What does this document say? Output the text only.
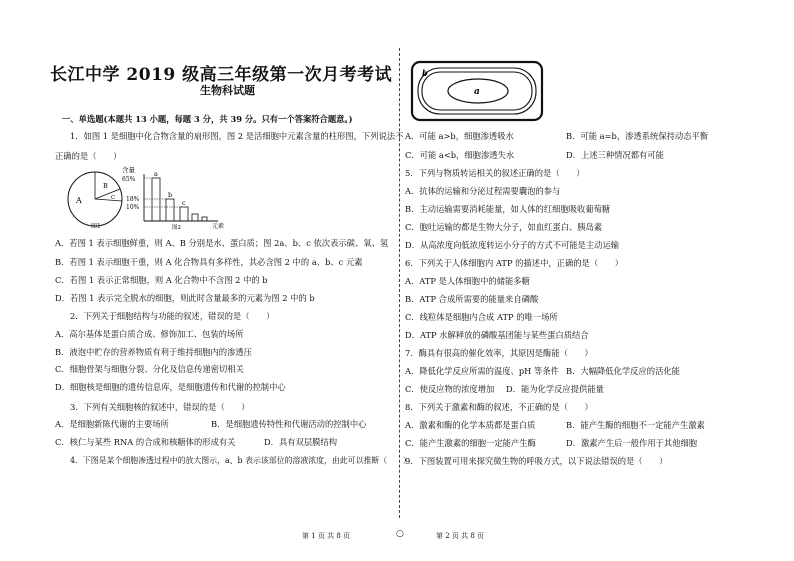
长江中学 2019 级高三年级第一次月考考试
生物科试题
一、单选题(本题共 13 小题，每题 3 分，共 39 分。只有一个答案符合题意。)
1．如图 1 是细胞中化合物含量的扇形图，图 2 是活细胞中元素含量的柱形图，下列说法不
正确的是（　　）
A
B
C
含量
65%
18%
10%
a
b
c
元素
图2
图1
A．若图 1 表示细胞鲜重，则 A、B 分别是水、蛋白质；图 2a、b、c 依次表示碳、氧、氢
B．若图 1 表示细胞干重，则 A 化合物具有多样性，其必含图 2 中的 a、b、c 元素
C．若图 1 表示正常细胞，则 A 化合物中不含图 2 中的 b
D．若图 1 表示完全脱水的细胞，则此时含量最多的元素为图 2 中的 b
2．下列关于细胞结构与功能的叙述，错误的是（　　）
A．高尔基体是蛋白质合成、修饰加工、包装的场所
B．液泡中贮存的营养物质有利于维持细胞内的渗透压
C．细胞骨架与细胞分裂、分化及信息传递密切相关
D．细胞核是细胞的遗传信息库，是细胞遗传和代谢的控制中心
3．下列有关细胞核的叙述中，错误的是（　　）
A．是细胞新陈代谢的主要场所	B．是细胞遗传特性和代谢活动的控制中心
C．核仁与某些 RNA 的合成和核糖体的形成有关	D．具有双层膜结构
4．下图是某个细胞渗透过程中的放大图示，a、b 表示该部位的溶液浓度，由此可以推断（　　）
a
b
A．可能 a>b，细胞渗透吸水	B．可能 a=b，渗透系统保持动态平衡
C．可能 a<b，细胞渗透失水	D．上述三种情况都有可能
5．下列与物质转运相关的叙述正确的是（　　）
A．抗体的运输和分泌过程需要囊泡的参与
B．主动运输需要消耗能量，如人体的红细胞吸收葡萄糖
C．胞吐运输的都是生物大分子，如血红蛋白、胰岛素
D．从高浓度向低浓度转运小分子的方式不可能是主动运输
6．下列关于人体细胞内 ATP 的描述中，正确的是（　　）
A．ATP 是人体细胞中的储能多糖
B．ATP 合成所需要的能量来自磷酸
C．线粒体是细胞内合成 ATP 的唯一场所
D．ATP 水解释放的磷酸基团能与某些蛋白质结合
7．酶具有很高的催化效率，其原因是酶能（　　）
A．降低化学反应所需的温度、pH 等条件 B．大幅降低化学反应的活化能
C．使反应物的浓度增加 D．能为化学反应提供能量
8．下列关于激素和酶的叙述，不正确的是（　　）
A．激素和酶的化学本质都是蛋白质	B．能产生酶的细胞不一定能产生激素
C．能产生激素的细胞一定能产生酶	D．激素产生后一般作用于其他细胞
9．下图装置可用来探究微生物的呼吸方式，以下说法错误的是（　　）
第 1 页 共 8 页	○	第 2 页 共 8 页
